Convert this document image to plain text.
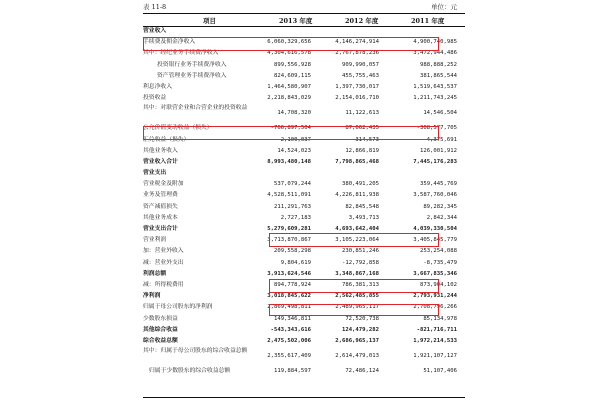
表 11-8	单位：元
项目	2013 年度	2012 年度	2011 年度
营业收入
手续费及佣金净收入	6,060,329,656	4,146,274,914	4,900,740,985
其中：经纪业务手续费净收入	4,304,616,578	2,767,878,236	3,472,944,486
投资银行业务手续费净收入	899,556,928	909,990,057	988,888,252
资产管理业务手续费净收入	824,609,115	455,755,463	381,865,544
利息净收入	1,464,580,907	1,397,730,017	1,519,643,537
投资收益	2,218,843,029	2,154,016,710	1,211,743,245
其中：对联营企业和合营企业的投资收益
14,708,320	11,122,613	14,546,504
公允价值变动收益（损失）	-766,897,504	87,662,435	-308,577,705
汇兑收益（损失）	2,100,037	314,573	-4,375,691
其他业务收入	14,524,023	12,866,819	126,001,912
营业收入合计	8,993,480,148	7,798,865,468	7,445,176,283
营业支出
营业税金及附加	537,079,244	380,491,205	359,445,769
业务及管理费	4,528,511,091	4,226,811,938	3,587,760,046
资产减值损失	211,291,763	82,845,548	89,282,345
其他业务成本	2,727,183	3,493,713	2,842,344
营业支出合计	5,279,609,281	4,693,642,404	4,039,330,504
营业利润	3,713,870,867	3,105,223,064	3,405,845,779
加：营业外收入	209,558,298	230,851,246	253,254,088
减：营业外支出	9,804,619	-12,792,858	-8,735,479
利润总额	3,913,624,546	3,348,867,168	3,667,835,346
减：所得税费用	894,778,924	786,381,313	873,904,102
净利润	3,018,845,622	2,562,485,855	2,793,931,244
归属于母公司股东的净利润	2,869,498,811	2,489,965,117	2,708,796,266
少数股东损益	149,346,811	72,520,738	85,134,978
其他综合收益	-543,343,616	124,479,282	-821,716,711
综合收益总额	2,475,502,006	2,686,965,137	1,972,214,533
其中：归属于母公司股东的综合收益总额
2,355,617,409	2,614,479,013	1,921,107,127
归属于少数股东的综合收益总额	119,884,597	72,486,124	51,107,406
